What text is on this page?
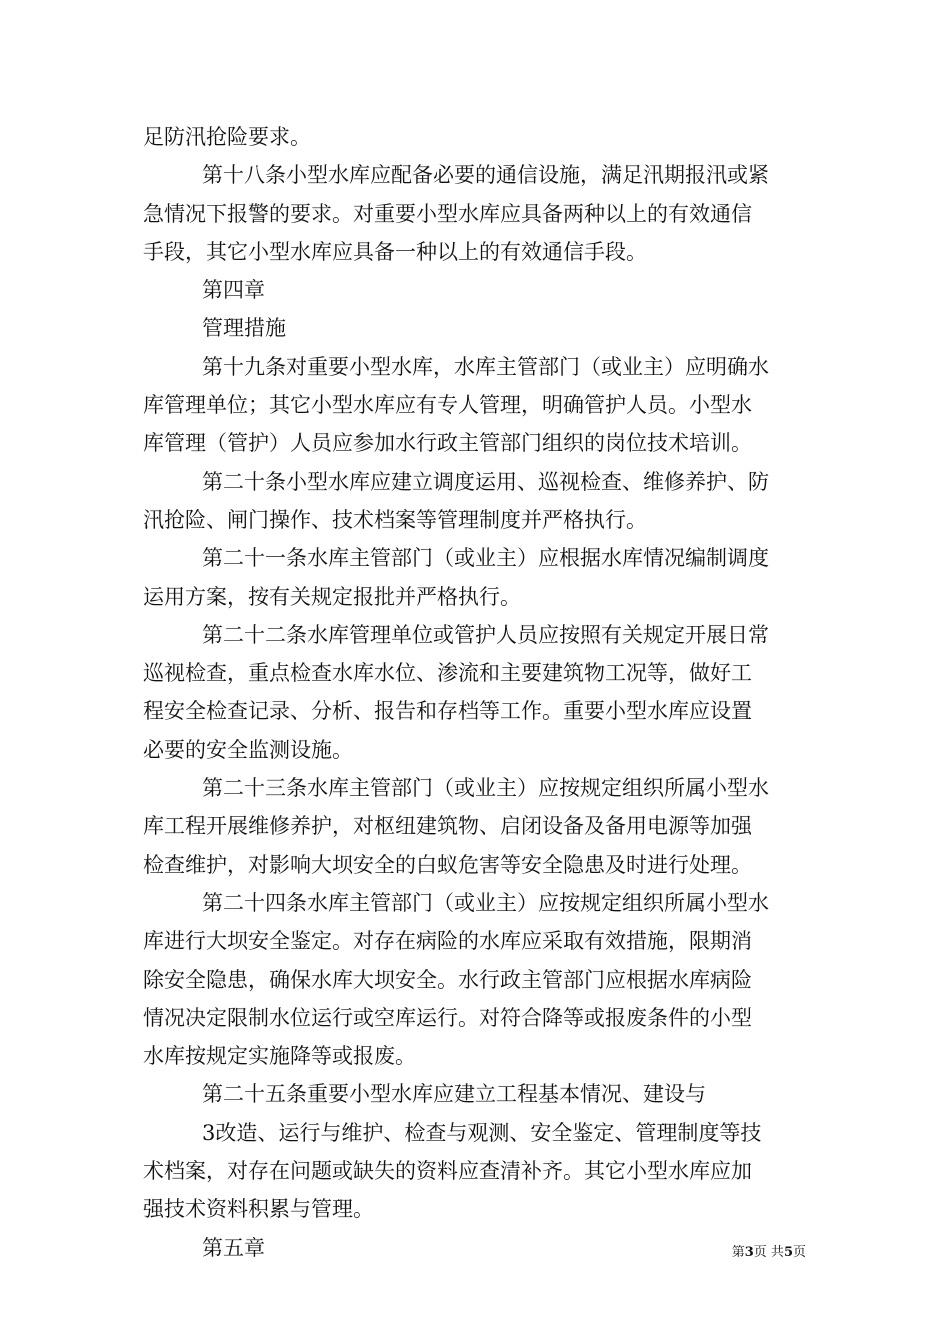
足防汛抢险要求。
第十八条小型水库应配备必要的通信设施，满足汛期报汛或紧
急情况下报警的要求。对重要小型水库应具备两种以上的有效通信
手段，其它小型水库应具备一种以上的有效通信手段。
第四章
管理措施
第十九条对重要小型水库，水库主管部门（或业主）应明确水
库管理单位；其它小型水库应有专人管理，明确管护人员。小型水
库管理（管护）人员应参加水行政主管部门组织的岗位技术培训。
第二十条小型水库应建立调度运用、巡视检查、维修养护、防
汛抢险、闸门操作、技术档案等管理制度并严格执行。
第二十一条水库主管部门（或业主）应根据水库情况编制调度
运用方案，按有关规定报批并严格执行。
第二十二条水库管理单位或管护人员应按照有关规定开展日常
巡视检查，重点检查水库水位、渗流和主要建筑物工况等，做好工
程安全检查记录、分析、报告和存档等工作。重要小型水库应设置
必要的安全监测设施。
第二十三条水库主管部门（或业主）应按规定组织所属小型水
库工程开展维修养护，对枢纽建筑物、启闭设备及备用电源等加强
检查维护，对影响大坝安全的白蚁危害等安全隐患及时进行处理。
第二十四条水库主管部门（或业主）应按规定组织所属小型水
库进行大坝安全鉴定。对存在病险的水库应采取有效措施，限期消
除安全隐患，确保水库大坝安全。水行政主管部门应根据水库病险
情况决定限制水位运行或空库运行。对符合降等或报废条件的小型
水库按规定实施降等或报废。
第二十五条重要小型水库应建立工程基本情况、建设与
3改造、运行与维护、检查与观测、安全鉴定、管理制度等技
术档案，对存在问题或缺失的资料应查清补齐。其它小型水库应加
强技术资料积累与管理。
第五章	第3页 共5页
